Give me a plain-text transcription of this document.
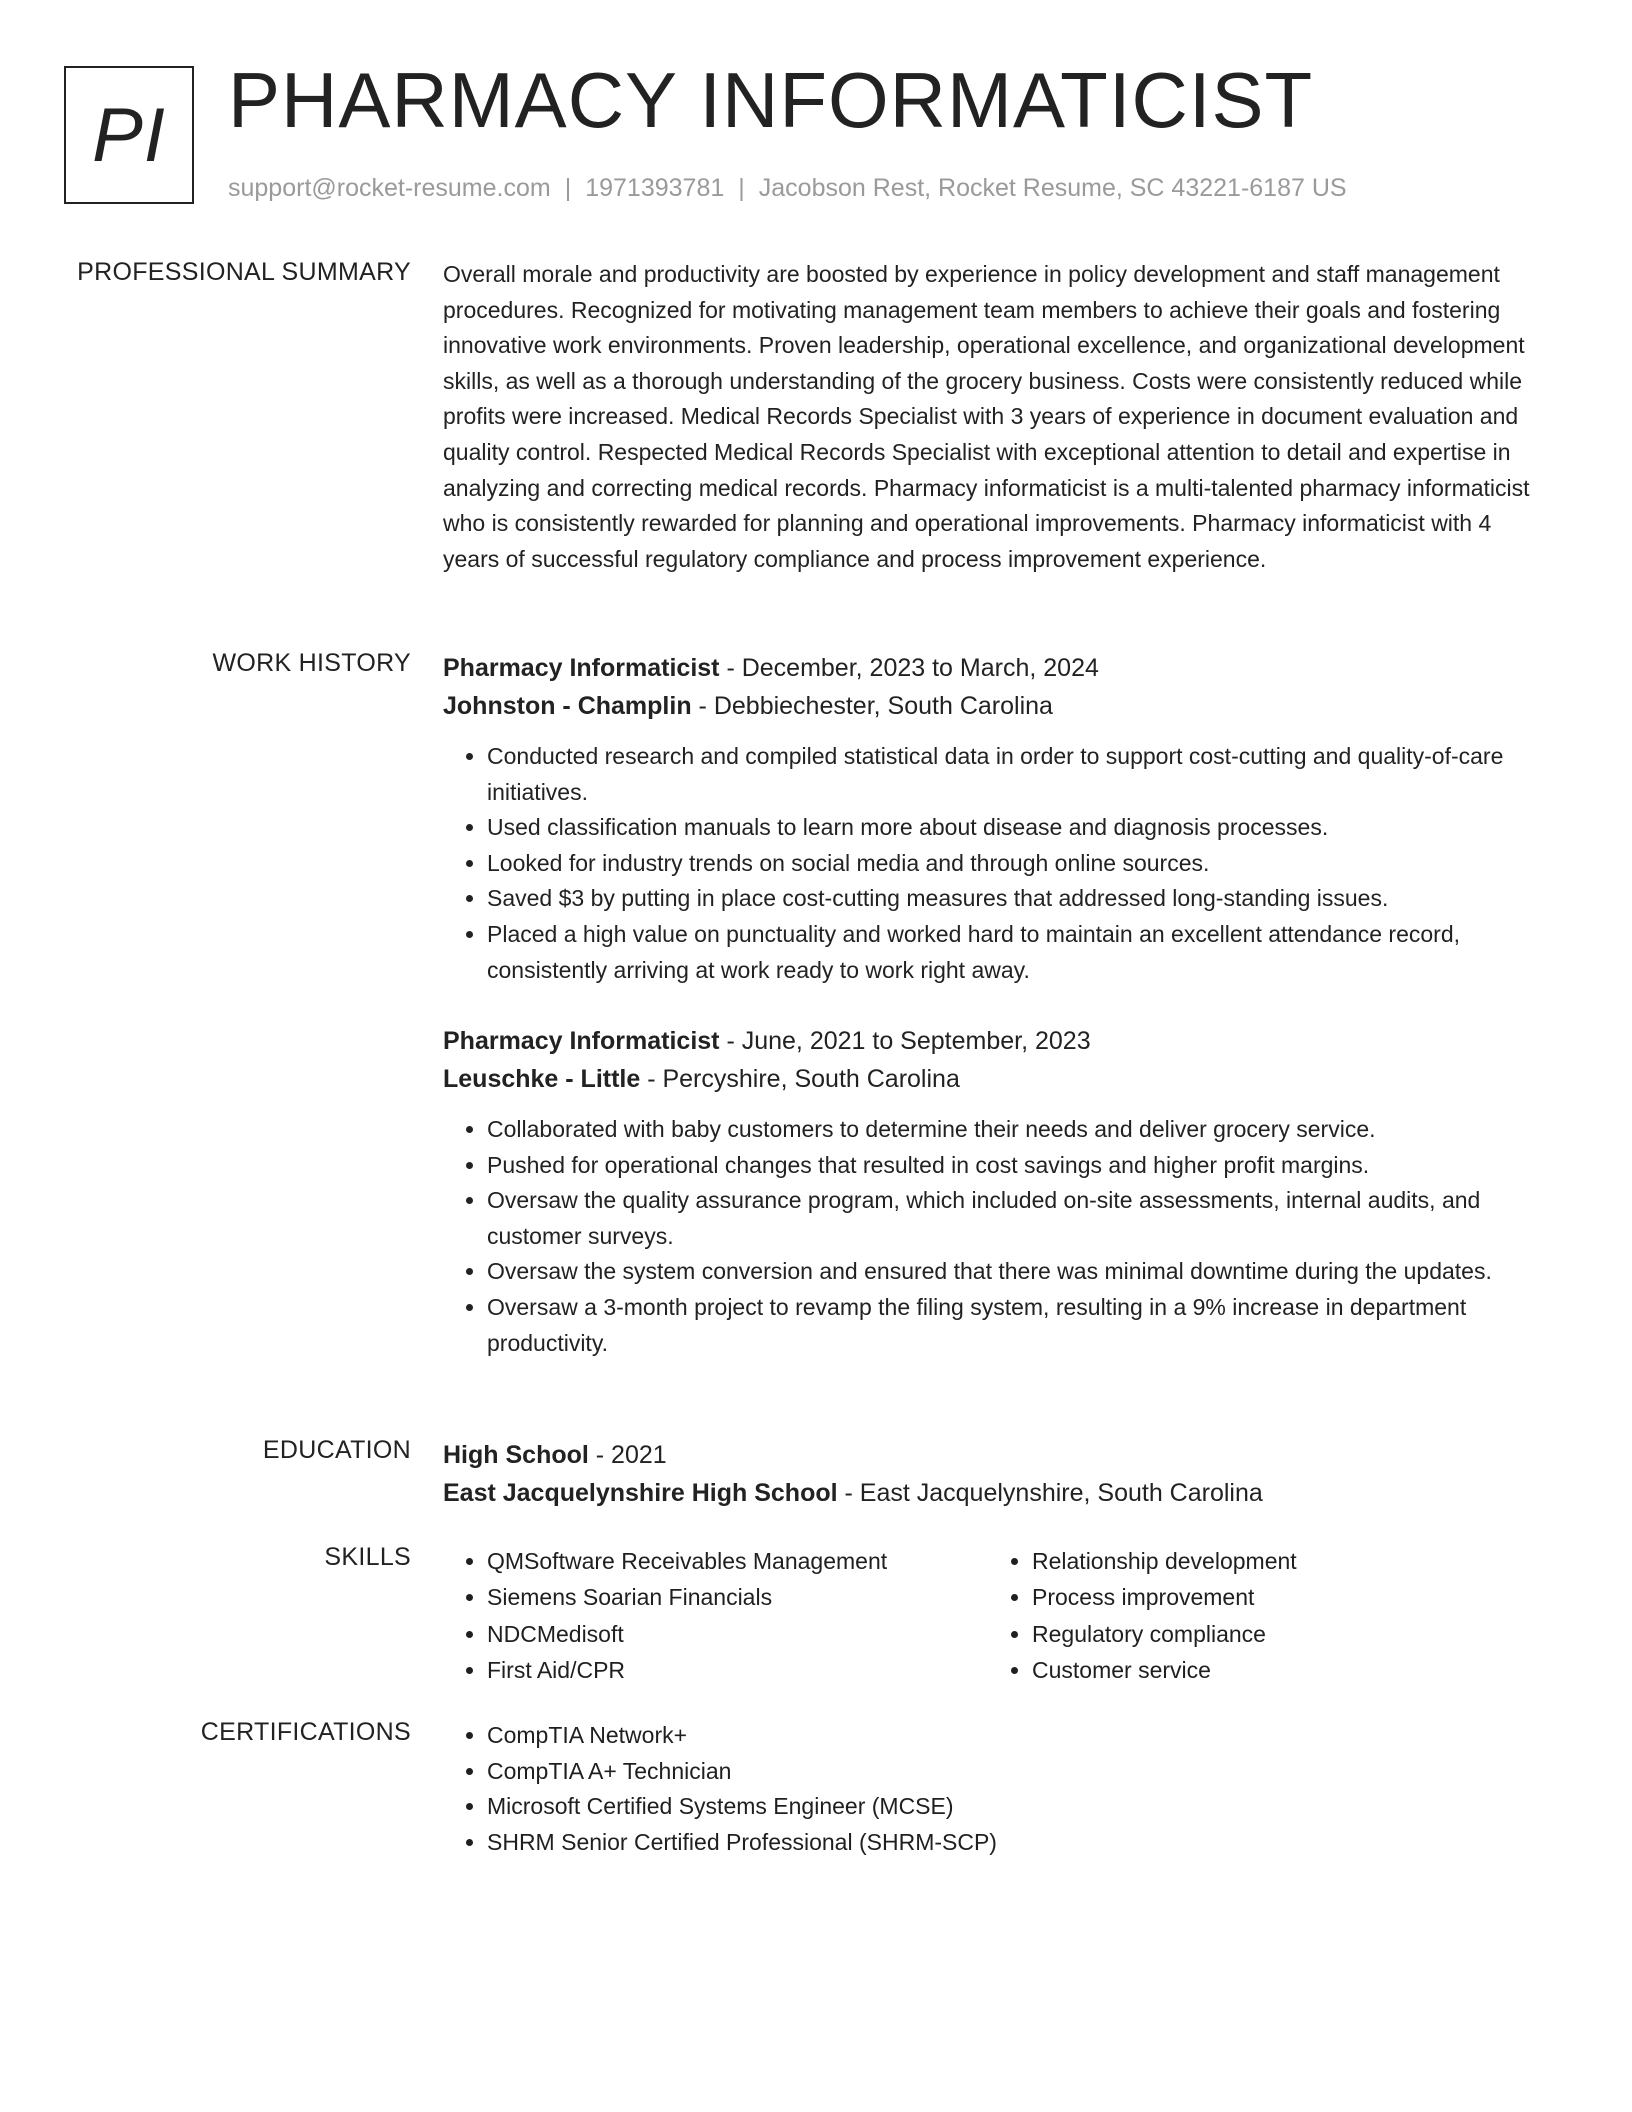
PI PHARMACY INFORMATICIST
support@rocket-resume.com | 1971393781 | Jacobson Rest, Rocket Resume, SC 43221-6187 US
PROFESSIONAL SUMMARY Overall morale and productivity are boosted by experience in policy development and staff management procedures. Recognized for motivating management team members to achieve their goals and fostering innovative work environments. Proven leadership, operational excellence, and organizational development skills, as well as a thorough understanding of the grocery business. Costs were consistently reduced while profits were increased. Medical Records Specialist with 3 years of experience in document evaluation and quality control. Respected Medical Records Specialist with exceptional attention to detail and expertise in analyzing and correcting medical records. Pharmacy informaticist is a multi-talented pharmacy informaticist who is consistently rewarded for planning and operational improvements. Pharmacy informaticist with 4 years of successful regulatory compliance and process improvement experience.

WORK HISTORY Pharmacy Informaticist - December, 2023 to March, 2024
Johnston - Champlin - Debbiechester, South Carolina
• Conducted research and compiled statistical data in order to support cost-cutting and quality-of-care initiatives.
• Used classification manuals to learn more about disease and diagnosis processes.
• Looked for industry trends on social media and through online sources.
• Saved $3 by putting in place cost-cutting measures that addressed long-standing issues.
• Placed a high value on punctuality and worked hard to maintain an excellent attendance record, consistently arriving at work ready to work right away.
Pharmacy Informaticist - June, 2021 to September, 2023
Leuschke - Little - Percyshire, South Carolina
• Collaborated with baby customers to determine their needs and deliver grocery service.
• Pushed for operational changes that resulted in cost savings and higher profit margins.
• Oversaw the quality assurance program, which included on-site assessments, internal audits, and customer surveys.
• Oversaw the system conversion and ensured that there was minimal downtime during the updates.
• Oversaw a 3-month project to revamp the filing system, resulting in a 9% increase in department productivity.
EDUCATION High School - 2021
East Jacquelynshire High School - East Jacquelynshire, South Carolina
SKILLS	• QMSoftware Receivables Management
• Siemens Soarian Financials
• NDCMedisoft
• First Aid/CPR
• Relationship development
• Process improvement
• Regulatory compliance
• Customer service
CERTIFICATIONS	• CompTIA Network+
• CompTIA A+ Technician
• Microsoft Certified Systems Engineer (MCSE)
• SHRM Senior Certified Professional (SHRM-SCP)
